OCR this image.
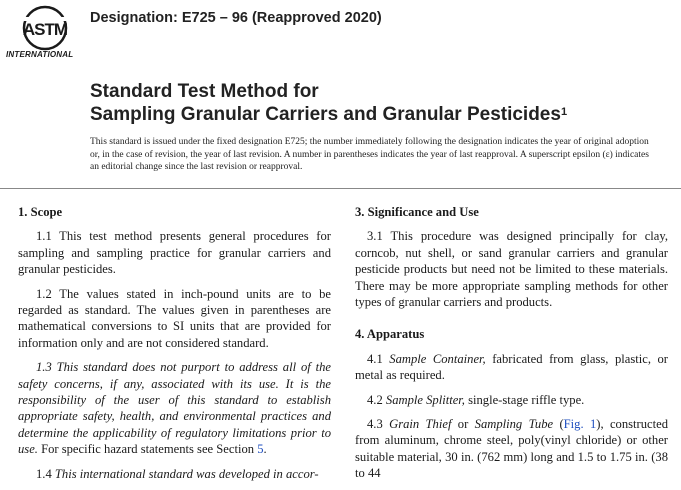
ASTM
INTERNATIONAL
Designation: E725 – 96 (Reapproved 2020)
Standard Test Method for
Sampling Granular Carriers and Granular Pesticides$^1$

This standard is issued under the fixed designation E725; the number immediately following the designation indicates the year of original adoption or, in the case of revision, the year of last revision. A number in parentheses indicates the year of last reapproval. A superscript epsilon (ε) indicates an editorial change since the last revision or reapproval.

1. Scope

1.1 This test method presents general procedures for sampling and sampling practice for granular carriers and granular pesticides.

1.2 The values stated in inch-pound units are to be regarded as standard. The values given in parentheses are mathematical conversions to SI units that are provided for information only and are not considered standard.

1.3 This standard does not purport to address all of the safety concerns, if any, associated with its use. It is the responsibility of the user of this standard to establish appropriate safety, health, and environmental practices and determine the applicability of regulatory limitations prior to use. For specific hazard statements see Section 5.

1.4 This international standard was developed in accor-

3. Significance and Use

3.1 This procedure was designed principally for clay, corncob, nut shell, or sand granular carriers and granular pesticide products but need not be limited to these materials. There may be more appropriate sampling methods for other types of granular carriers and products.

4. Apparatus

4.1 Sample Container, fabricated from glass, plastic, or metal as required.

4.2 Sample Splitter, single-stage riffle type.

4.3 Grain Thief or Sampling Tube (Fig. 1), constructed from aluminum, chrome steel, poly(vinyl chloride) or other suitable material, 30 in. (762 mm) long and 1.5 to 1.75 in. (38 to 44
